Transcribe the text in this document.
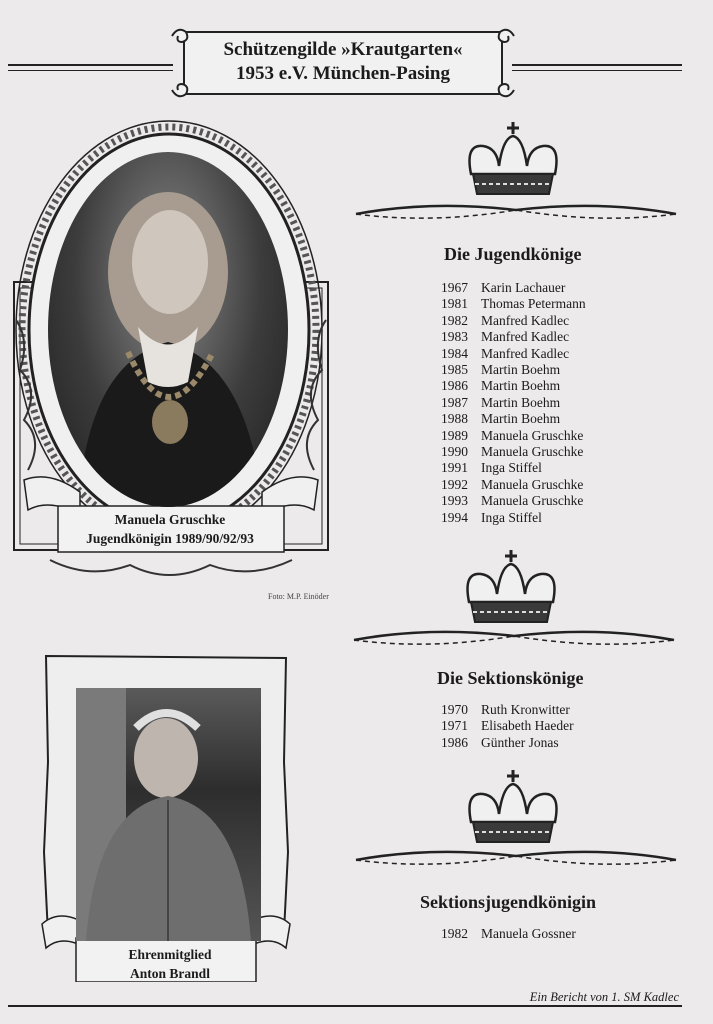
Schützengilde »Krautgarten«
1953 e.V. München-Pasing
Manuela Gruschke
Jugendkönigin 1989/90/92/93
Foto: M.P. Einöder
Ehrenmitglied
Anton Brandl
Die Jugendkönige
1967 Karin Lachauer
1981 Thomas Petermann
1982 Manfred Kadlec
1983 Manfred Kadlec
1984 Manfred Kadlec
1985 Martin Boehm
1986 Martin Boehm
1987 Martin Boehm
1988 Martin Boehm
1989 Manuela Gruschke
1990 Manuela Gruschke
1991 Inga Stiffel
1992 Manuela Gruschke
1993 Manuela Gruschke
1994 Inga Stiffel
Die Sektionskönige
1970 Ruth Kronwitter
1971 Elisabeth Haeder
1986 Günther Jonas
Sektionsjugendkönigin
1982 Manuela Gossner
Ein Bericht von 1. SM Kadlec
